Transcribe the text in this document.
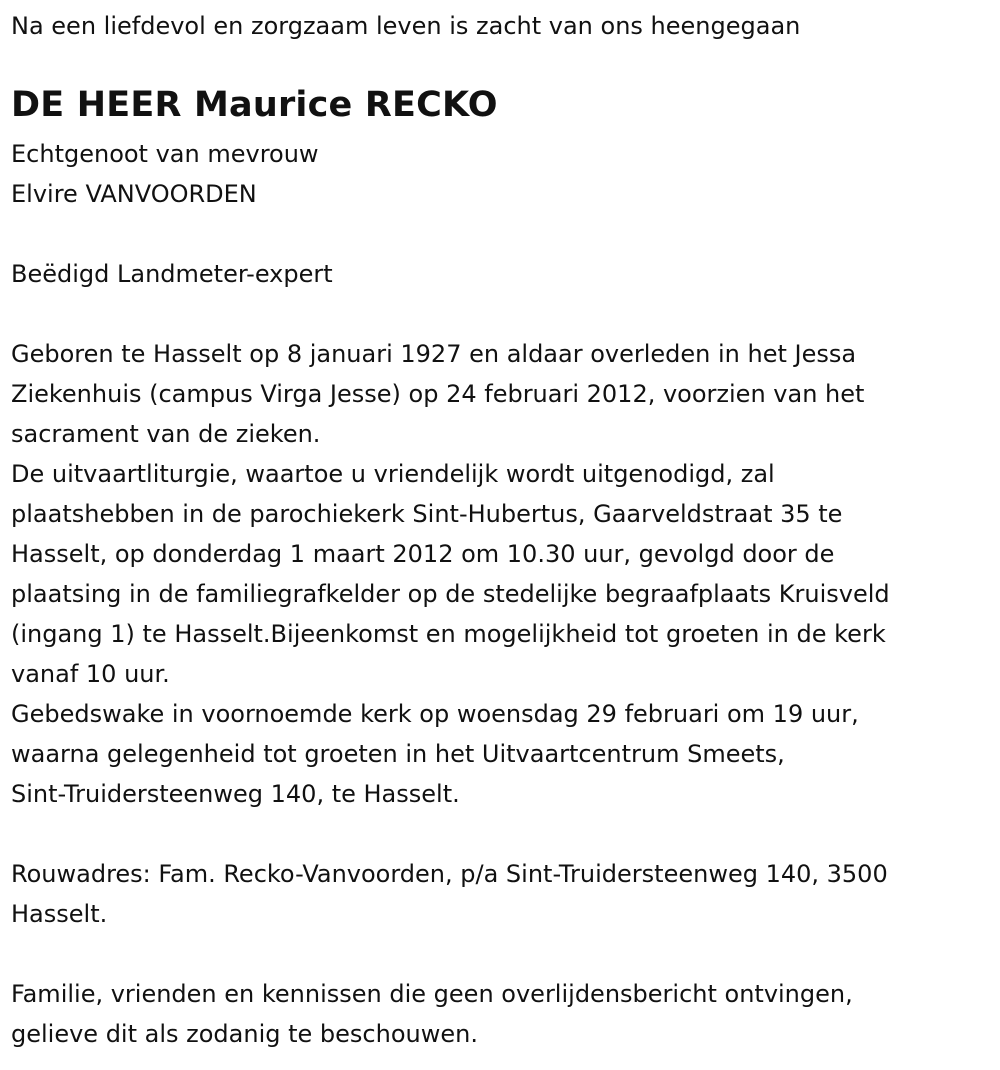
Na een liefdevol en zorgzaam leven is zacht van ons heengegaan

DE HEER Maurice RECKO

Echtgenoot van mevrouw

Elvire VANVOORDEN

Beëdigd Landmeter-expert

Geboren te Hasselt op 8 januari 1927 en aldaar overleden in het Jessa

Ziekenhuis (campus Virga Jesse) op 24 februari 2012, voorzien van het

sacrament van de zieken.

De uitvaartliturgie, waartoe u vriendelijk wordt uitgenodigd, zal

plaatshebben in de parochiekerk Sint-Hubertus, Gaarveldstraat 35 te

Hasselt, op donderdag 1 maart 2012 om 10.30 uur, gevolgd door de

plaatsing in de familiegrafkelder op de stedelijke begraafplaats Kruisveld

(ingang 1) te Hasselt.Bijeenkomst en mogelijkheid tot groeten in de kerk

vanaf 10 uur.

Gebedswake in voornoemde kerk op woensdag 29 februari om 19 uur,

waarna gelegenheid tot groeten in het Uitvaartcentrum Smeets,

Sint-Truidersteenweg 140, te Hasselt.

Rouwadres: Fam. Recko-Vanvoorden, p/a Sint-Truidersteenweg 140, 3500

Hasselt.

Familie, vrienden en kennissen die geen overlijdensbericht ontvingen,

gelieve dit als zodanig te beschouwen.
